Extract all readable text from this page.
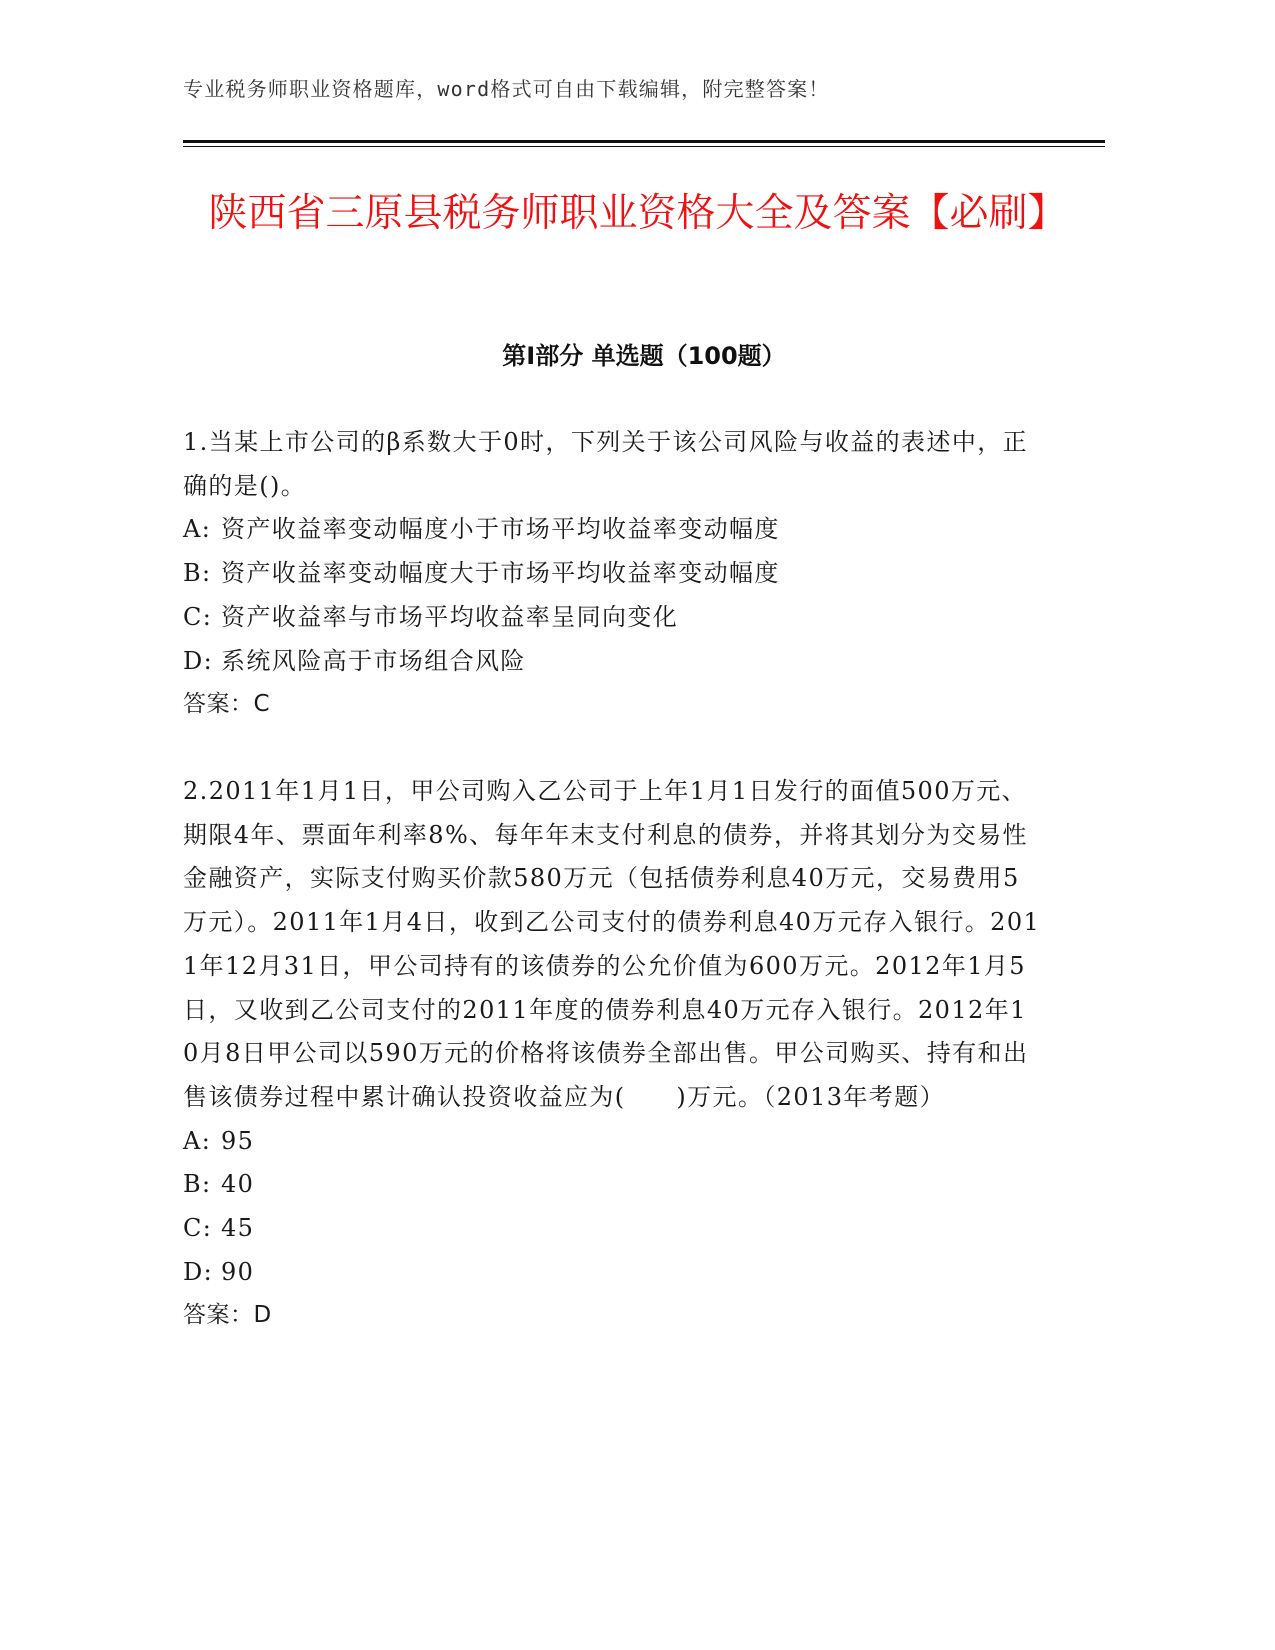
专业税务师职业资格题库，word格式可自由下载编辑，附完整答案！
陕西省三原县税务师职业资格大全及答案【必刷】
第Ⅰ部分 单选题（100题）

1.当某上市公司的β系数大于0时，下列关于该公司风险与收益的表述中，正确的是()。

A: 资产收益率变动幅度小于市场平均收益率变动幅度

B: 资产收益率变动幅度大于市场平均收益率变动幅度

C: 资产收益率与市场平均收益率呈同向变化

D: 系统风险高于市场组合风险

答案：C

2.2011年1月1日，甲公司购入乙公司于上年1月1日发行的面值500万元、期限4年、票面年利率8%、每年年末支付利息的债券，并将其划分为交易性金融资产，实际支付购买价款580万元（包括债券利息40万元，交易费用5万元）。2011年1月4日，收到乙公司支付的债券利息40万元存入银行。2011年12月31日，甲公司持有的该债券的公允价值为600万元。2012年1月5日，又收到乙公司支付的2011年度的债券利息40万元存入银行。2012年10月8日甲公司以590万元的价格将该债券全部出售。甲公司购买、持有和出售该债券过程中累计确认投资收益应为(　　)万元。（2013年考题）

A: 95

B: 40

C: 45

D: 90

答案：D
